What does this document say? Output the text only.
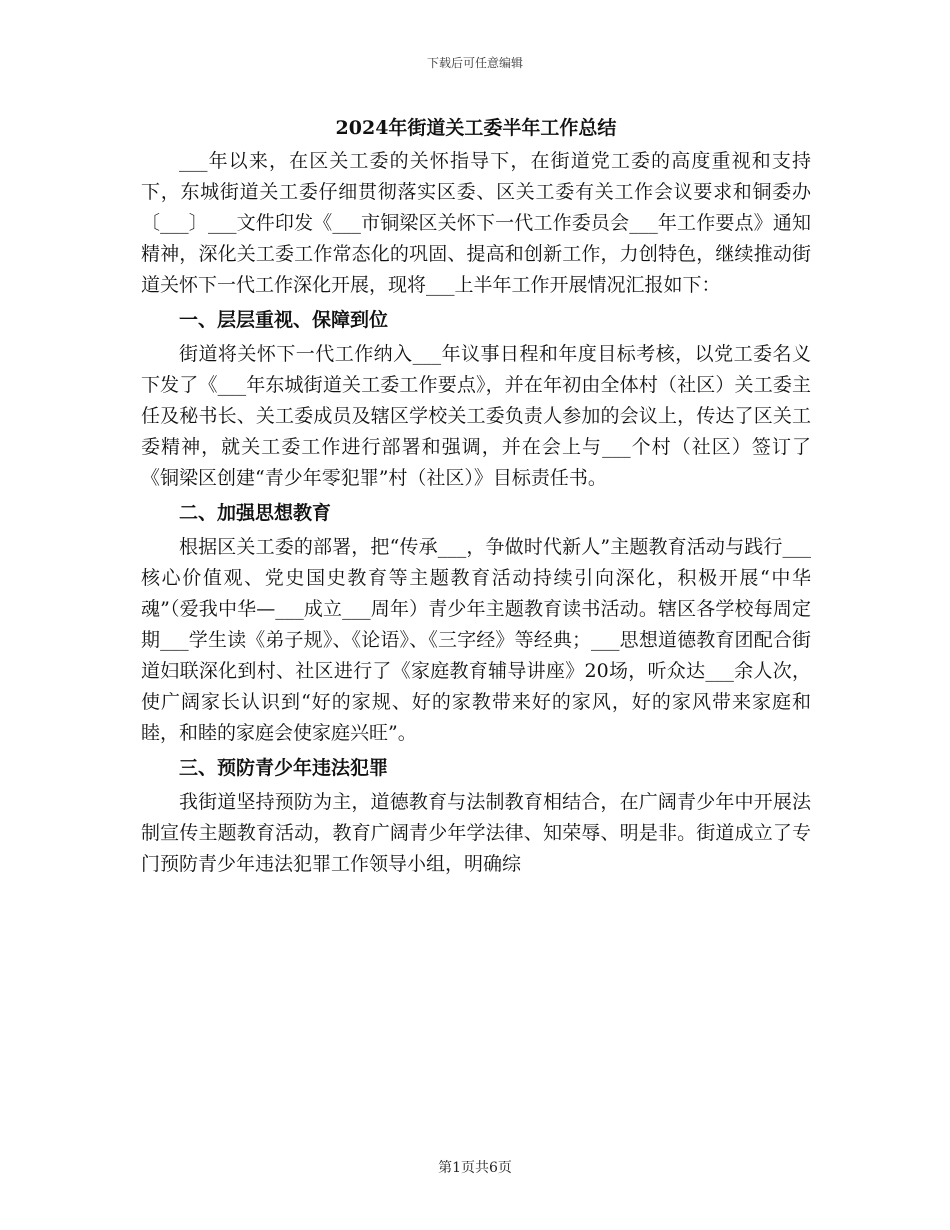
下载后可任意编辑
2024年街道关工委半年工作总结

___年以来，在区关工委的关怀指导下，在街道党工委的高度重视和支持下，东城街道关工委仔细贯彻落实区委、区关工委有关工作会议要求和铜委办〔___〕___文件印发《___市铜梁区关怀下一代工作委员会___年工作要点》通知精神，深化关工委工作常态化的巩固、提高和创新工作，力创特色，继续推动街道关怀下一代工作深化开展，现将___上半年工作开展情况汇报如下：

一、层层重视、保障到位

街道将关怀下一代工作纳入___年议事日程和年度目标考核，以党工委名义下发了《___年东城街道关工委工作要点》，并在年初由全体村（社区）关工委主任及秘书长、关工委成员及辖区学校关工委负责人参加的会议上，传达了区关工委精神，就关工委工作进行部署和强调，并在会上与___个村（社区）签订了《铜梁区创建“青少年零犯罪”村（社区）》目标责任书。

二、加强思想教育

根据区关工委的部署，把“传承___，争做时代新人”主题教育活动与践行___核心价值观、党史国史教育等主题教育活动持续引向深化，积极开展“中华魂”（爱我中华—___成立___周年）青少年主题教育读书活动。辖区各学校每周定期___学生读《弟子规》、《论语》、《三字经》等经典；___思想道德教育团配合街道妇联深化到村、社区进行了《家庭教育辅导讲座》20场，听众达___余人次，使广阔家长认识到“好的家规、好的家教带来好的家风，好的家风带来家庭和睦，和睦的家庭会使家庭兴旺”。

三、预防青少年违法犯罪

我街道坚持预防为主，道德教育与法制教育相结合，在广阔青少年中开展法制宣传主题教育活动，教育广阔青少年学法律、知荣辱、明是非。街道成立了专门预防青少年违法犯罪工作领导小组，明确综

第1页共6页
